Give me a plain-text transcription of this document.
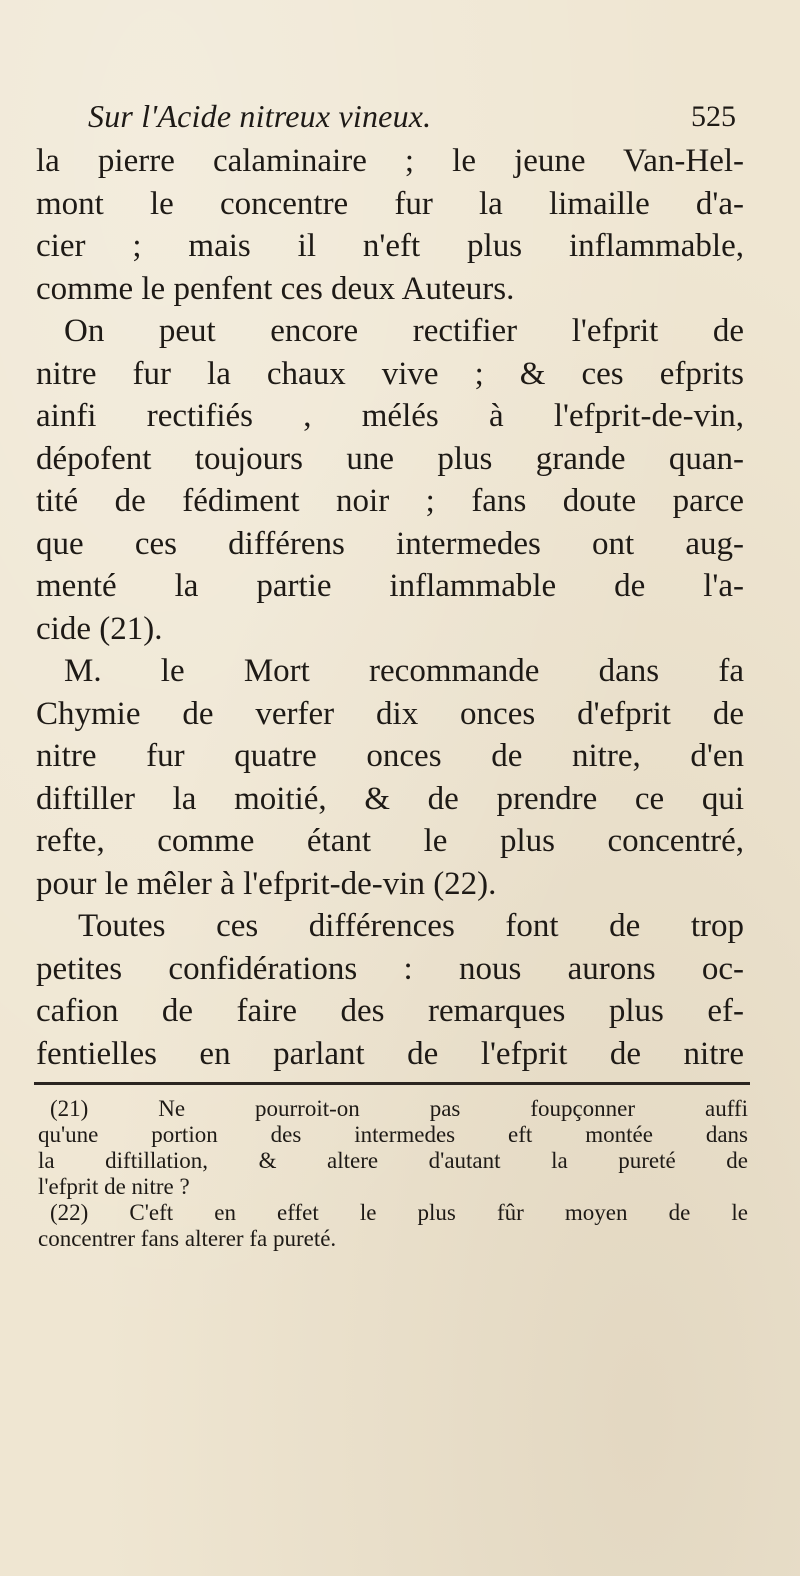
Sur l'Acide nitreux vineux.	525
la pierre calaminaire ; le jeune Van-Hel-
mont le concentre fur la limaille d'a-
cier ; mais il n'eft plus inflammable,
comme le penfent ces deux Auteurs.
On peut encore rectifier l'efprit de
nitre fur la chaux vive ; & ces efprits
ainfi rectifiés , mélés à l'efprit-de-vin,
dépofent toujours une plus grande quan-
tité de fédiment noir ; fans doute parce
que ces différens intermedes ont aug-
menté la partie inflammable de l'a-
cide (21).
M. le Mort recommande dans fa
Chymie de verfer dix onces d'efprit de
nitre fur quatre onces de nitre, d'en
diftiller la moitié, & de prendre ce qui
refte, comme étant le plus concentré,
pour le mêler à l'efprit-de-vin (22).
Toutes ces différences font de trop
petites confidérations : nous aurons oc-
cafion de faire des remarques plus ef-
fentielles en parlant de l'efprit de nitre
(21) Ne pourroit-on pas foupçonner auffi
qu'une portion des intermedes eft montée dans
la diftillation, & altere d'autant la pureté de
l'efprit de nitre ?
(22) C'eft en effet le plus fûr moyen de le
concentrer fans alterer fa pureté.
